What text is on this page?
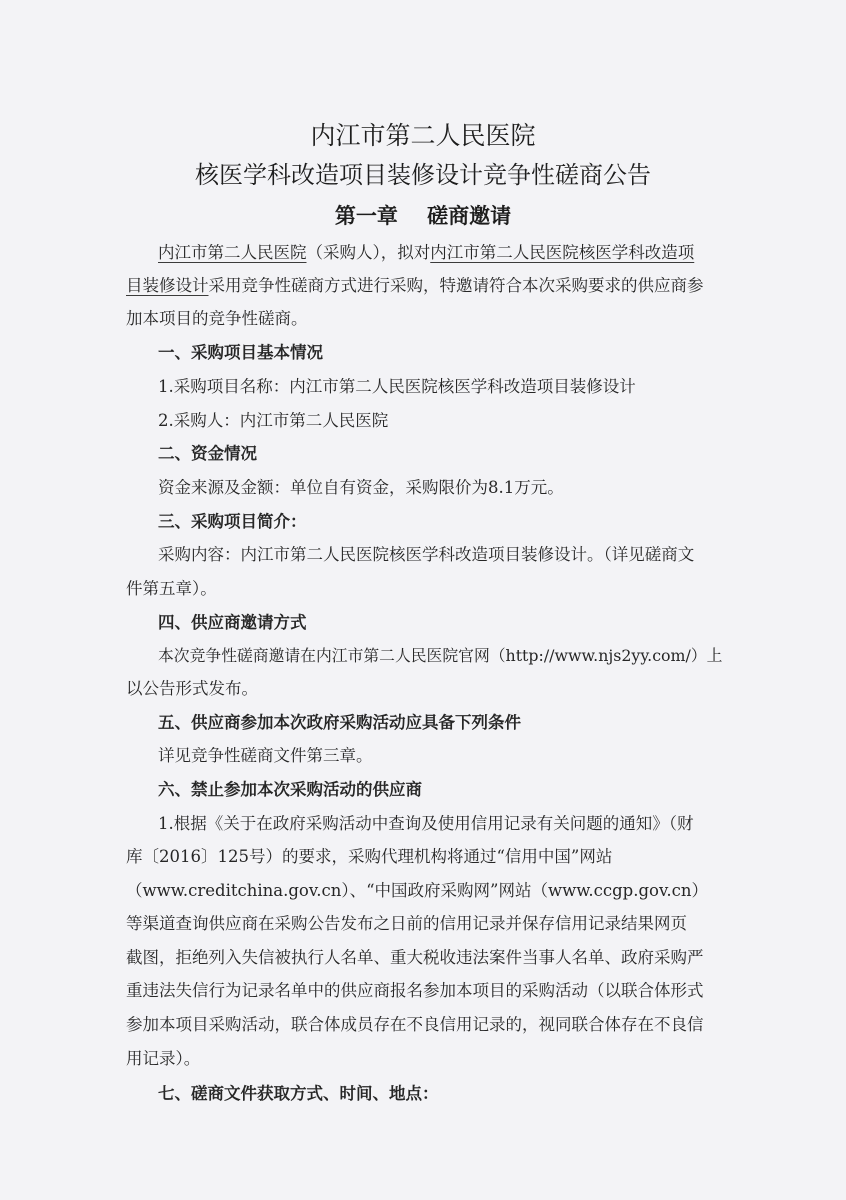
内江市第二人民医院
核医学科改造项目装修设计竞争性磋商公告
第一章    磋商邀请
内江市第二人民医院（采购人），拟对内江市第二人民医院核医学科改造项
目装修设计采用竞争性磋商方式进行采购，特邀请符合本次采购要求的供应商参
加本项目的竞争性磋商。
一、采购项目基本情况
1.采购项目名称：内江市第二人民医院核医学科改造项目装修设计
2.采购人：内江市第二人民医院
二、资金情况
资金来源及金额：单位自有资金，采购限价为8.1万元。
三、采购项目简介：
采购内容：内江市第二人民医院核医学科改造项目装修设计。（详见磋商文
件第五章）。
四、供应商邀请方式
本次竞争性磋商邀请在内江市第二人民医院官网（http://www.njs2yy.com/）上
以公告形式发布。
五、供应商参加本次政府采购活动应具备下列条件
详见竞争性磋商文件第三章。
六、禁止参加本次采购活动的供应商
1.根据《关于在政府采购活动中查询及使用信用记录有关问题的通知》（财
库〔2016〕125号）的要求，采购代理机构将通过“信用中国”网站
（www.creditchina.gov.cn）、“中国政府采购网”网站（www.ccgp.gov.cn）
等渠道查询供应商在采购公告发布之日前的信用记录并保存信用记录结果网页
截图，拒绝列入失信被执行人名单、重大税收违法案件当事人名单、政府采购严
重违法失信行为记录名单中的供应商报名参加本项目的采购活动（以联合体形式
参加本项目采购活动，联合体成员存在不良信用记录的，视同联合体存在不良信
用记录）。
七、磋商文件获取方式、时间、地点：
